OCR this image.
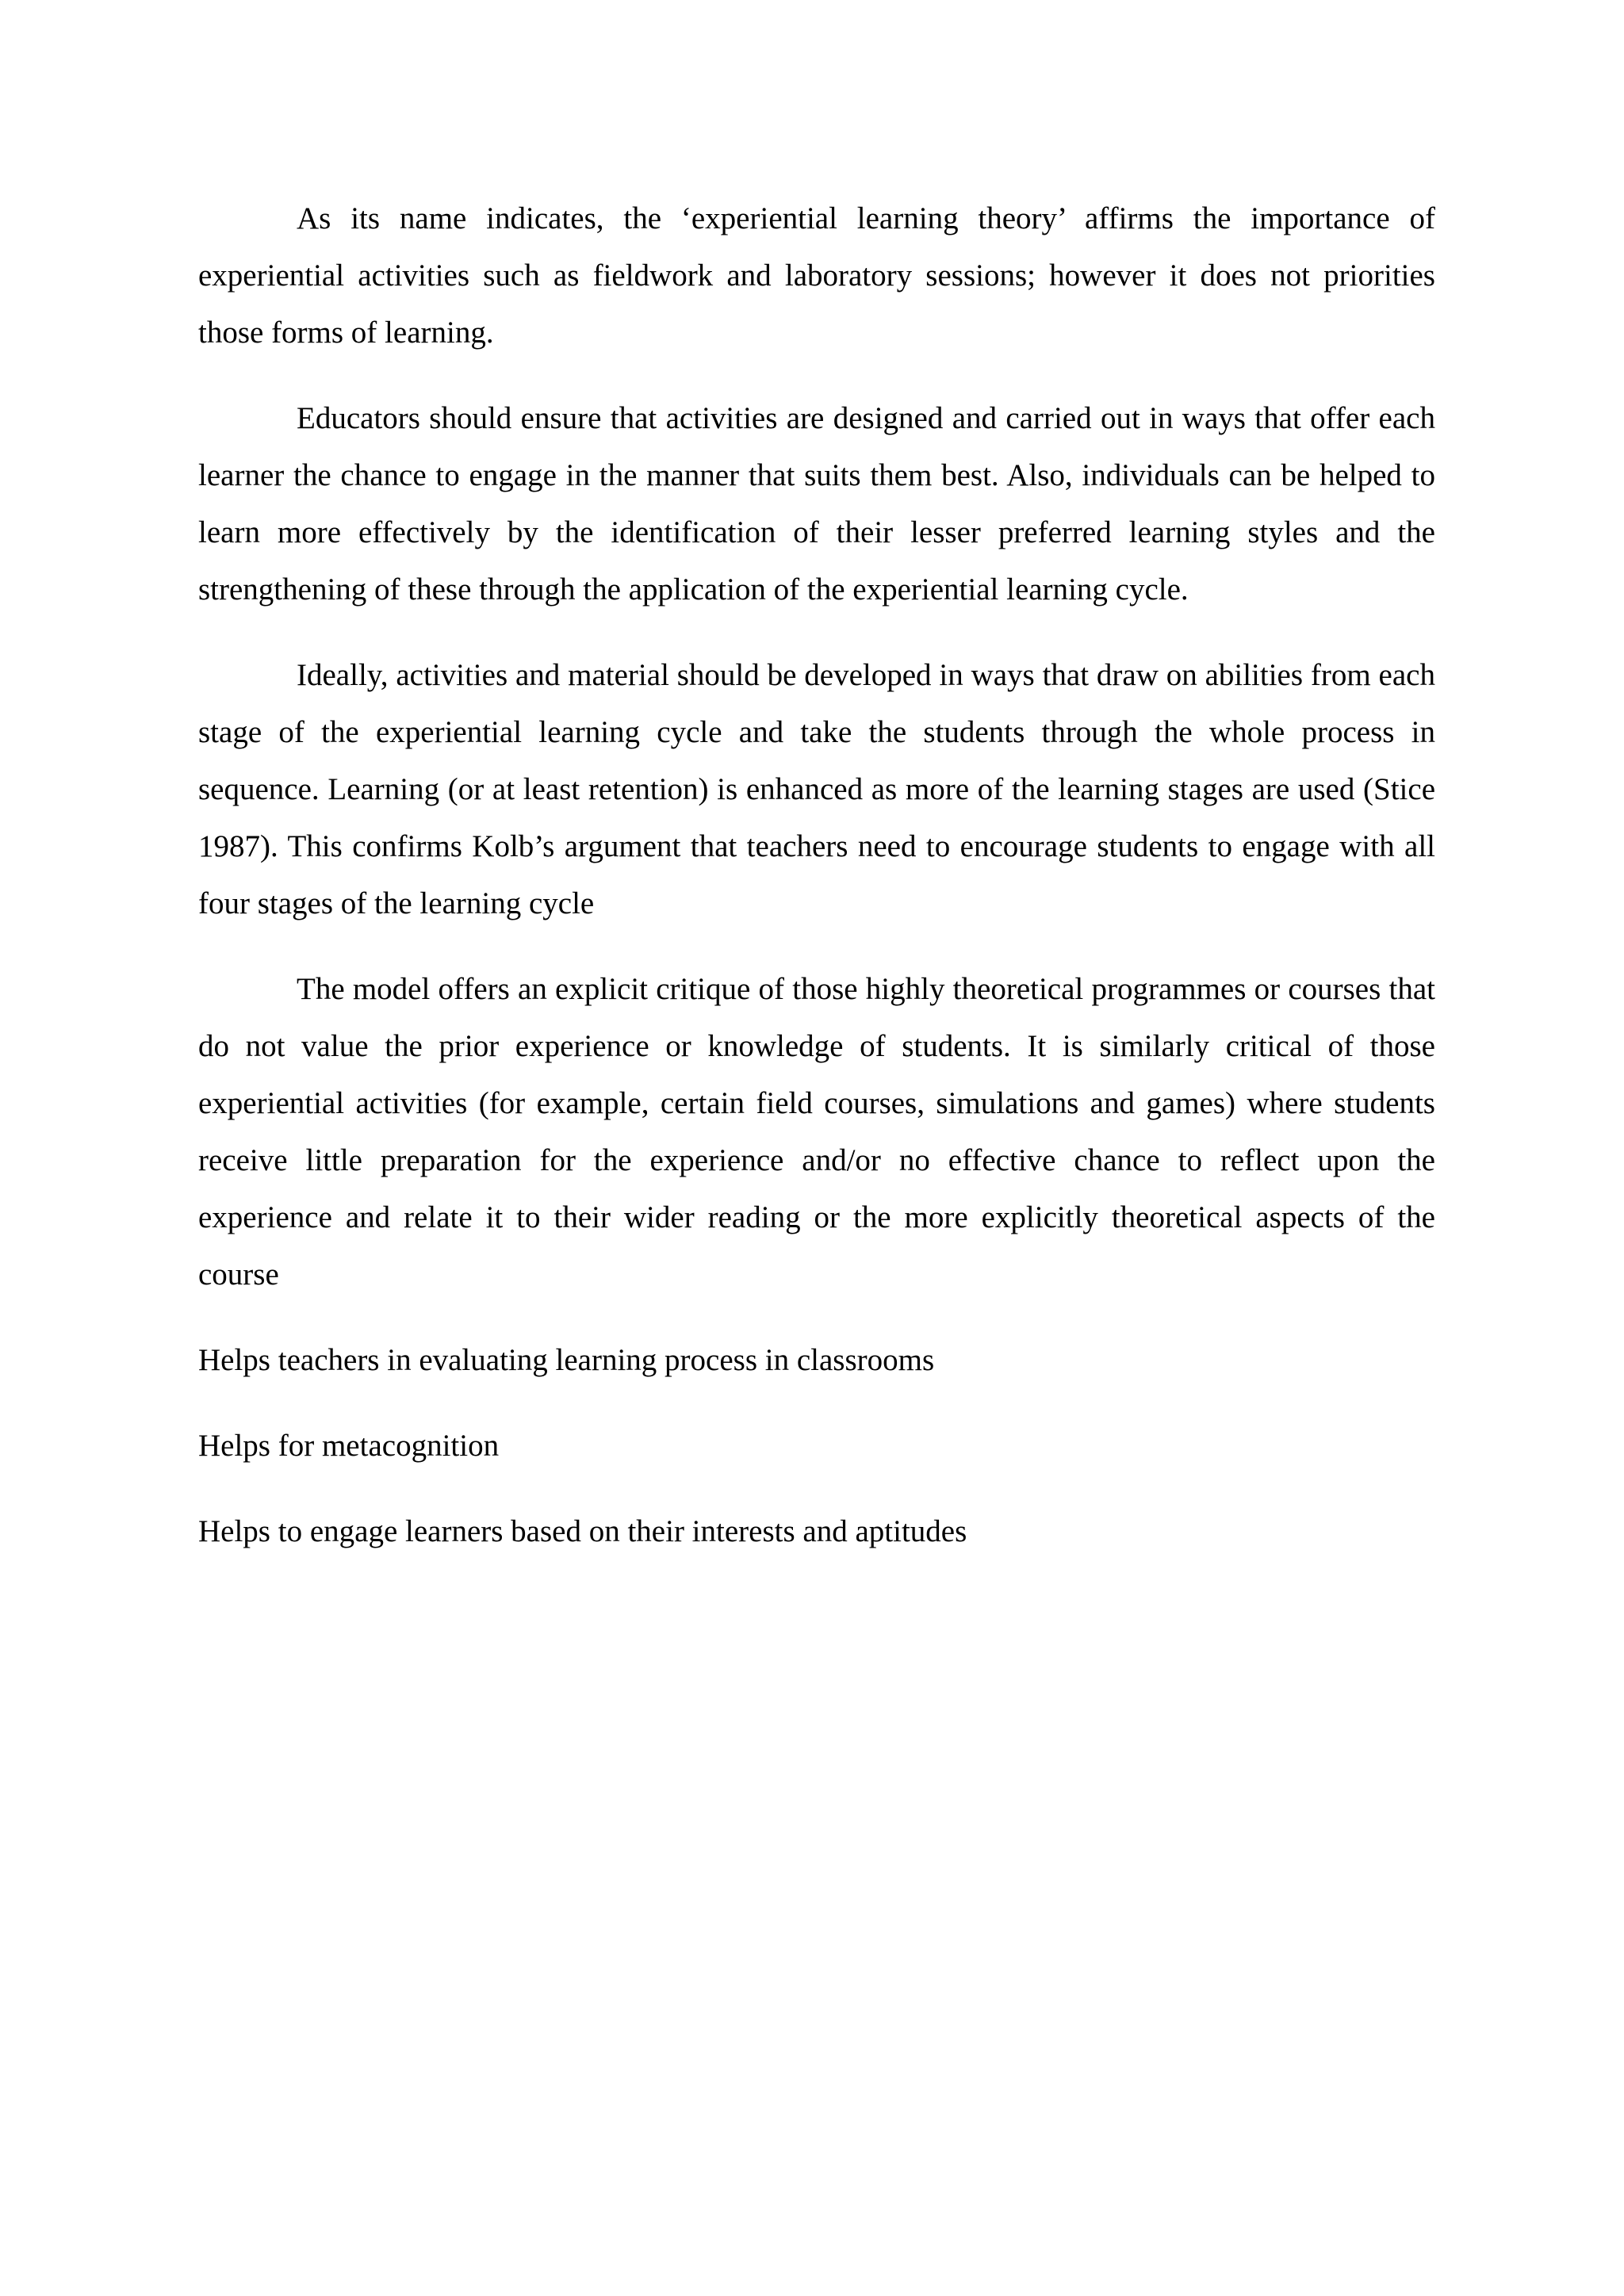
As its name indicates, the ‘experiential learning theory’ affirms the importance of experiential activities such as fieldwork and laboratory sessions; however it does not priorities those forms of learning.

Educators should ensure that activities are designed and carried out in ways that offer each learner the chance to engage in the manner that suits them best. Also, individuals can be helped to learn more effectively by the identification of their lesser preferred learning styles and the strengthening of these through the application of the experiential learning cycle.

Ideally, activities and material should be developed in ways that draw on abilities from each stage of the experiential learning cycle and take the students through the whole process in sequence. Learning (or at least retention) is enhanced as more of the learning stages are used (Stice 1987). This confirms Kolb’s argument that teachers need to encourage students to engage with all four stages of the learning cycle

The model offers an explicit critique of those highly theoretical programmes or courses that do not value the prior experience or knowledge of students. It is similarly critical of those experiential activities (for example, certain field courses, simulations and games) where students receive little preparation for the experience and/or no effective chance to reflect upon the experience and relate it to their wider reading or the more explicitly theoretical aspects of the course

Helps teachers in evaluating learning process in classrooms

Helps for metacognition

Helps to engage learners based on their interests and aptitudes
